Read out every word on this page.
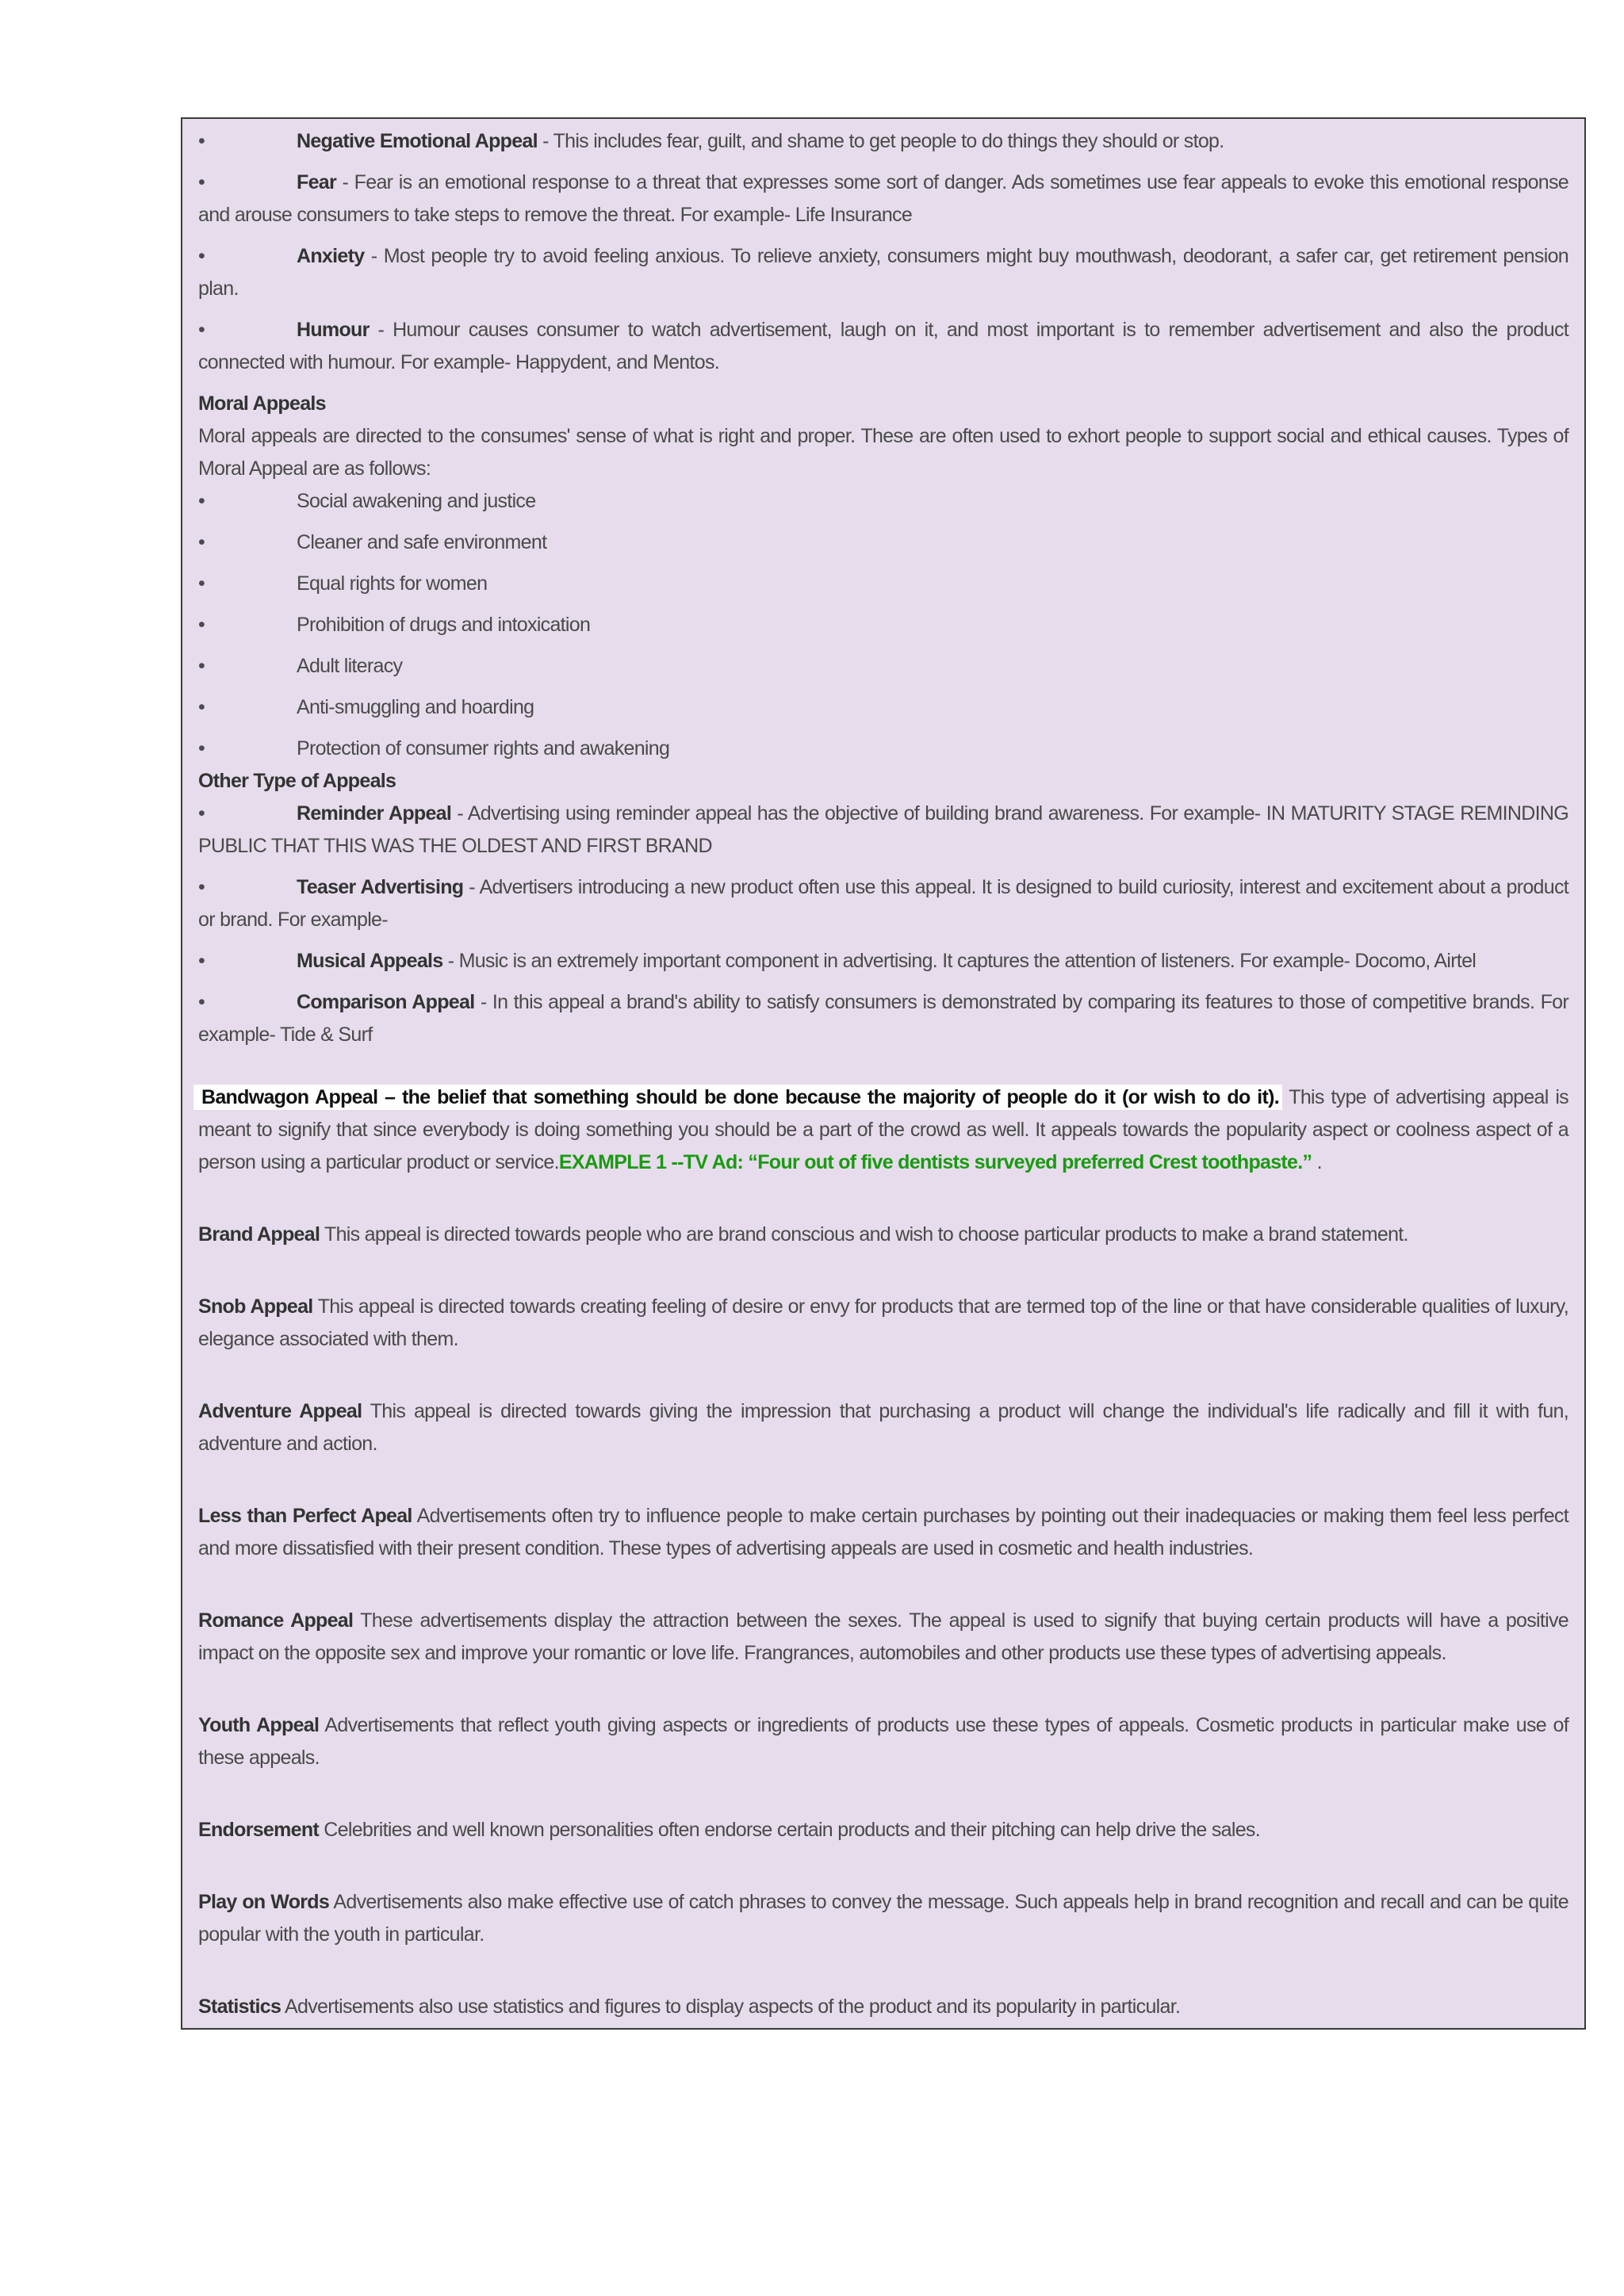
•	Negative Emotional Appeal - This includes fear, guilt, and shame to get people to do things they should or stop.

•	Fear - Fear is an emotional response to a threat that expresses some sort of danger. Ads sometimes use fear appeals to evoke this emotional response and arouse consumers to take steps to remove the threat. For example- Life Insurance

•	Anxiety - Most people try to avoid feeling anxious. To relieve anxiety, consumers might buy mouthwash, deodorant, a safer car, get retirement pension plan.

•	Humour - Humour causes consumer to watch advertisement, laugh on it, and most important is to remember advertisement and also the product connected with humour. For example- Happydent, and Mentos.

Moral Appeals

Moral appeals are directed to the consumes' sense of what is right and proper. These are often used to exhort people to support social and ethical causes. Types of Moral Appeal are as follows:

•	Social awakening and justice

•	Cleaner and safe environment

•	Equal rights for women

•	Prohibition of drugs and intoxication

•	Adult literacy

•	Anti-smuggling and hoarding

•	Protection of consumer rights and awakening

Other Type of Appeals

•	Reminder Appeal - Advertising using reminder appeal has the objective of building brand awareness. For example- IN MATURITY STAGE REMINDING PUBLIC THAT THIS WAS THE OLDEST AND FIRST BRAND

•	Teaser Advertising - Advertisers introducing a new product often use this appeal. It is designed to build curiosity, interest and excitement about a product or brand. For example-

•	Musical Appeals - Music is an extremely important component in advertising. It captures the attention of listeners. For example- Docomo, Airtel

•	Comparison Appeal - In this appeal a brand's ability to satisfy consumers is demonstrated by comparing its features to those of competitive brands. For example- Tide & Surf

Bandwagon Appeal – the belief that something should be done because the majority of people do it (or wish to do it). This type of advertising appeal is meant to signify that since everybody is doing something you should be a part of the crowd as well. It appeals towards the popularity aspect or coolness aspect of a person using a particular product or service.EXAMPLE 1 --TV Ad: “Four out of five dentists surveyed preferred Crest toothpaste.” .

Brand Appeal This appeal is directed towards people who are brand conscious and wish to choose particular products to make a brand statement.

Snob Appeal This appeal is directed towards creating feeling of desire or envy for products that are termed top of the line or that have considerable qualities of luxury, elegance associated with them.

Adventure Appeal This appeal is directed towards giving the impression that purchasing a product will change the individual's life radically and fill it with fun, adventure and action.

Less than Perfect Apeal Advertisements often try to influence people to make certain purchases by pointing out their inadequacies or making them feel less perfect and more dissatisfied with their present condition. These types of advertising appeals are used in cosmetic and health industries.

Romance Appeal These advertisements display the attraction between the sexes. The appeal is used to signify that buying certain products will have a positive impact on the opposite sex and improve your romantic or love life. Frangrances, automobiles and other products use these types of advertising appeals.

Youth Appeal Advertisements that reflect youth giving aspects or ingredients of products use these types of appeals. Cosmetic products in particular make use of these appeals.

Endorsement Celebrities and well known personalities often endorse certain products and their pitching can help drive the sales.

Play on Words Advertisements also make effective use of catch phrases to convey the message. Such appeals help in brand recognition and recall and can be quite popular with the youth in particular.

Statistics Advertisements also use statistics and figures to display aspects of the product and its popularity in particular.
